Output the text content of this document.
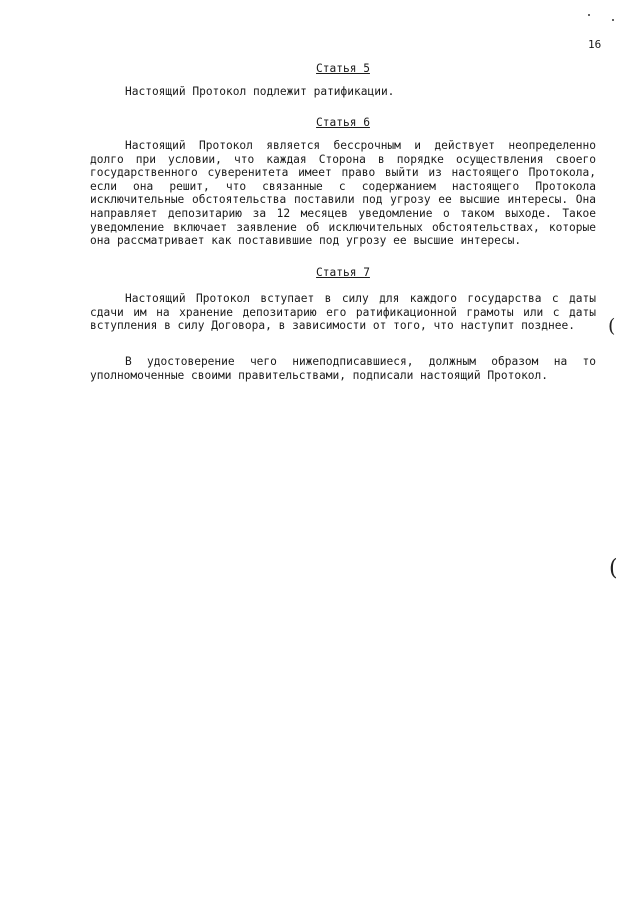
16
Статья 5
Настоящий Протокол подлежит ратификации.
Статья 6
Настоящий Протокол является бессрочным и действует неопределенно долго при условии, что каждая Сторона в порядке осуществления своего государственного суверенитета имеет право выйти из настоящего Протокола, если она решит, что связанные с содержанием настоящего Протокола исключительные обстоятельства поставили под угрозу ее высшие интересы. Она направляет депозитарию за 12 месяцев уведомление о таком выходе. Такое уведомление включает заявление об исключительных обстоятельствах, которые она рассматривает как поставившие под угрозу ее высшие интересы.
Статья 7
Настоящий Протокол вступает в силу для каждого государства с даты сдачи им на хранение депозитарию его ратификационной грамоты или с даты вступления в силу Договора, в зависимости от того, что наступит позднее.
В удостоверение чего нижеподписавшиеся, должным образом на то уполномоченные своими правительствами, подписали настоящий Протокол.
(
(
